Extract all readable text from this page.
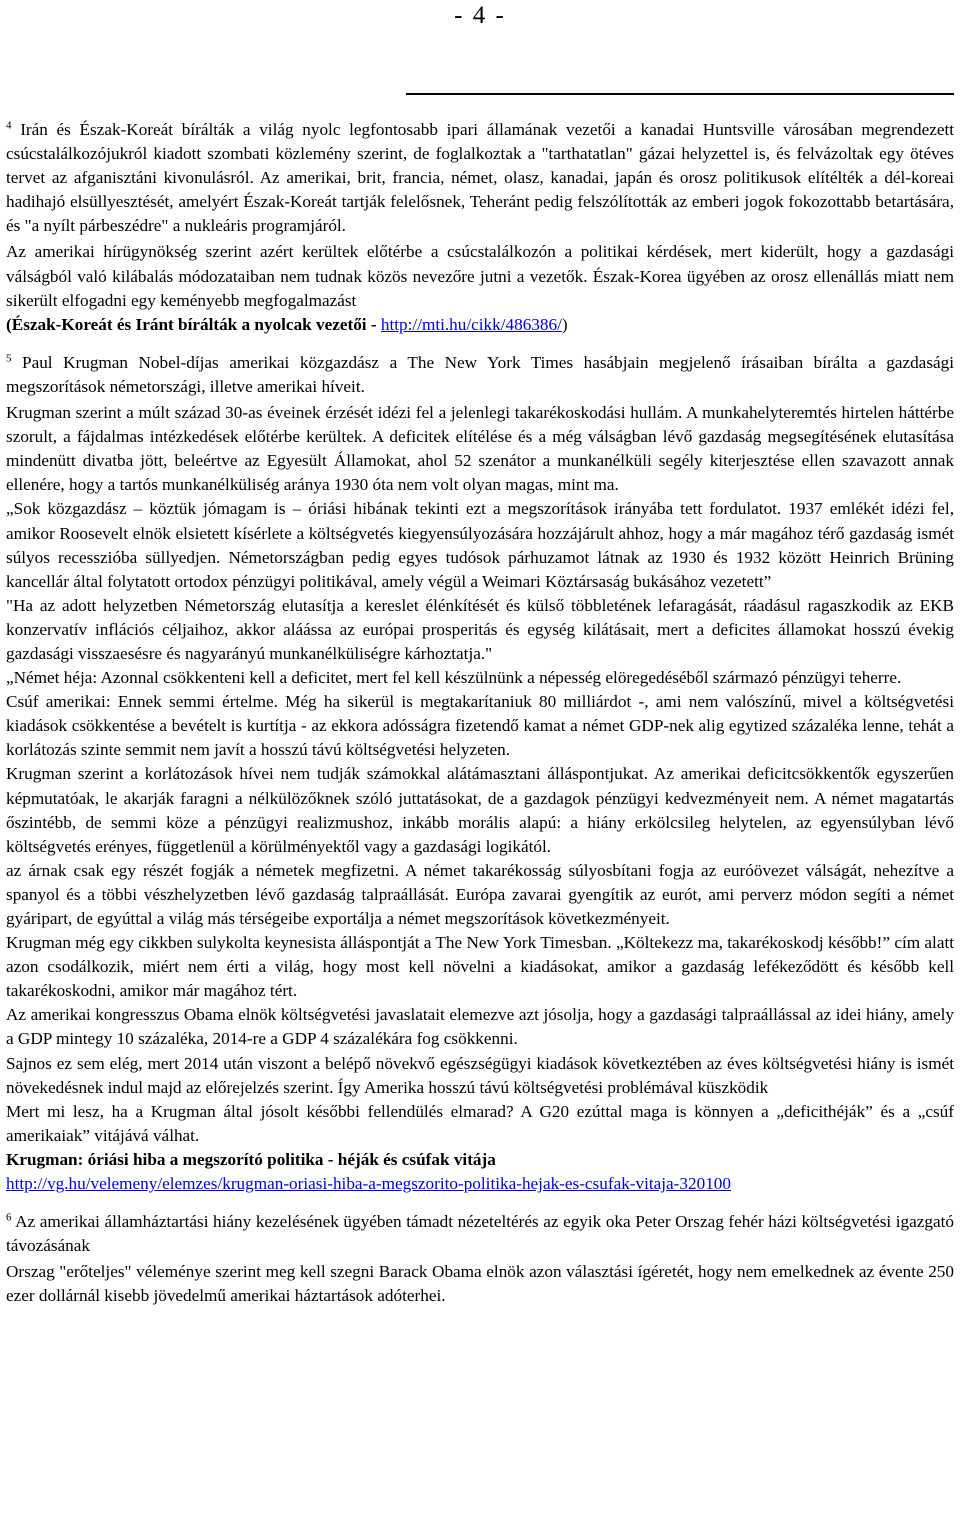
- 4 -

$^4$ Irán és Észak-Koreát bírálták a világ nyolc legfontosabb ipari államának vezetői a kanadai Huntsville városában megrendezett csúcstalálkozójukról kiadott szombati közlemény szerint, de foglalkoztak a "tarthatatlan" gázai helyzettel is, és felvázoltak egy ötéves tervet az afganisztáni kivonulásról. Az amerikai, brit, francia, német, olasz, kanadai, japán és orosz politikusok elítélték a dél-koreai hadihajó elsüllyesztését, amelyért Észak-Koreát tartják felelősnek, Teheránt pedig felszólították az emberi jogok fokozottabb betartására, és "a nyílt párbeszédre" a nukleáris programjáról.

Az amerikai hírügynökség szerint azért kerültek előtérbe a csúcstalálkozón a politikai kérdések, mert kiderült, hogy a gazdasági válságból való kilábalás módozataiban nem tudnak közös nevezőre jutni a vezetők. Észak-Korea ügyében az orosz ellenállás miatt nem sikerült elfogadni egy keményebb megfogalmazást

(Észak-Koreát és Iránt bírálták a nyolcak vezetői - http://mti.hu/cikk/486386/)

$^5$ Paul Krugman Nobel-díjas amerikai közgazdász a The New York Times hasábjain megjelenő írásaiban bírálta a gazdasági megszorítások németországi, illetve amerikai híveit.

Krugman szerint a múlt század 30-as éveinek érzését idézi fel a jelenlegi takarékoskodási hullám. A munkahelyteremtés hirtelen háttérbe szorult, a fájdalmas intézkedések előtérbe kerültek. A deficitek elítélése és a még válságban lévő gazdaság megsegítésének elutasítása mindenütt divatba jött, beleértve az Egyesült Államokat, ahol 52 szenátor a munkanélküli segély kiterjesztése ellen szavazott annak ellenére, hogy a tartós munkanélküliség aránya 1930 óta nem volt olyan magas, mint ma.

„Sok közgazdász – köztük jómagam is – óriási hibának tekinti ezt a megszorítások irányába tett fordulatot. 1937 emlékét idézi fel, amikor Roosevelt elnök elsietett kísérlete a költségvetés kiegyensúlyozására hozzájárult ahhoz, hogy a már magához térő gazdaság ismét súlyos recesszióba süllyedjen. Németországban pedig egyes tudósok párhuzamot látnak az 1930 és 1932 között Heinrich Brüning kancellár által folytatott ortodox pénzügyi politikával, amely végül a Weimari Köztársaság bukásához vezetett”

"Ha az adott helyzetben Németország elutasítja a kereslet élénkítését és külső többletének lefaragását, ráadásul ragaszkodik az EKB konzervatív inflációs céljaihoz, akkor aláássa az európai prosperitás és egység kilátásait, mert a deficites államokat hosszú évekig gazdasági visszaesésre és nagyarányú munkanélküliségre kárhoztatja."

„Német héja: Azonnal csökkenteni kell a deficitet, mert fel kell készülnünk a népesség elöregedéséből származó pénzügyi teherre.

Csúf amerikai: Ennek semmi értelme. Még ha sikerül is megtakarítaniuk 80 milliárdot -, ami nem valószínű, mivel a költségvetési kiadások csökkentése a bevételt is kurtítja - az ekkora adósságra fizetendő kamat a német GDP-nek alig egytized százaléka lenne, tehát a korlátozás szinte semmit nem javít a hosszú távú költségvetési helyzeten.

Krugman szerint a korlátozások hívei nem tudják számokkal alátámasztani álláspontjukat. Az amerikai deficitcsökkentők egyszerűen képmutatóak, le akarják faragni a nélkülözőknek szóló juttatásokat, de a gazdagok pénzügyi kedvezményeit nem. A német magatartás őszintébb, de semmi köze a pénzügyi realizmushoz, inkább morális alapú: a hiány erkölcsileg helytelen, az egyensúlyban lévő költségvetés erényes, függetlenül a körülményektől vagy a gazdasági logikától.

az árnak csak egy részét fogják a németek megfizetni. A német takarékosság súlyosbítani fogja az euróövezet válságát, nehezítve a spanyol és a többi vészhelyzetben lévő gazdaság talpraállását. Európa zavarai gyengítik az eurót, ami perverz módon segíti a német gyáripart, de egyúttal a világ más térségeibe exportálja a német megszorítások következményeit.

Krugman még egy cikkben sulykolta keynesista álláspontját a The New York Timesban. „Költekezz ma, takarékoskodj később!” cím alatt azon csodálkozik, miért nem érti a világ, hogy most kell növelni a kiadásokat, amikor a gazdaság lefékeződött és később kell takarékoskodni, amikor már magához tért.

Az amerikai kongresszus Obama elnök költségvetési javaslatait elemezve azt jósolja, hogy a gazdasági talpraállással az idei hiány, amely a GDP mintegy 10 százaléka, 2014-re a GDP 4 százalékára fog csökkenni.

Sajnos ez sem elég, mert 2014 után viszont a belépő növekvő egészségügyi kiadások következtében az éves költségvetési hiány is ismét növekedésnek indul majd az előrejelzés szerint. Így Amerika hosszú távú költségvetési problémával küszködik

Mert mi lesz, ha a Krugman által jósolt későbbi fellendülés elmarad? A G20 ezúttal maga is könnyen a „deficithéják” és a „csúf amerikaiak” vitájává válhat.

Krugman: óriási hiba a megszorító politika - héják és csúfak vitája

http://vg.hu/velemeny/elemzes/krugman-oriasi-hiba-a-megszorito-politika-hejak-es-csufak-vitaja-320100

$^6$ Az amerikai államháztartási hiány kezelésének ügyében támadt nézeteltérés az egyik oka Peter Orszag fehér házi költségvetési igazgató távozásának

Orszag "erőteljes" véleménye szerint meg kell szegni Barack Obama elnök azon választási ígéretét, hogy nem emelkednek az évente 250 ezer dollárnál kisebb jövedelmű amerikai háztartások adóterhei.
